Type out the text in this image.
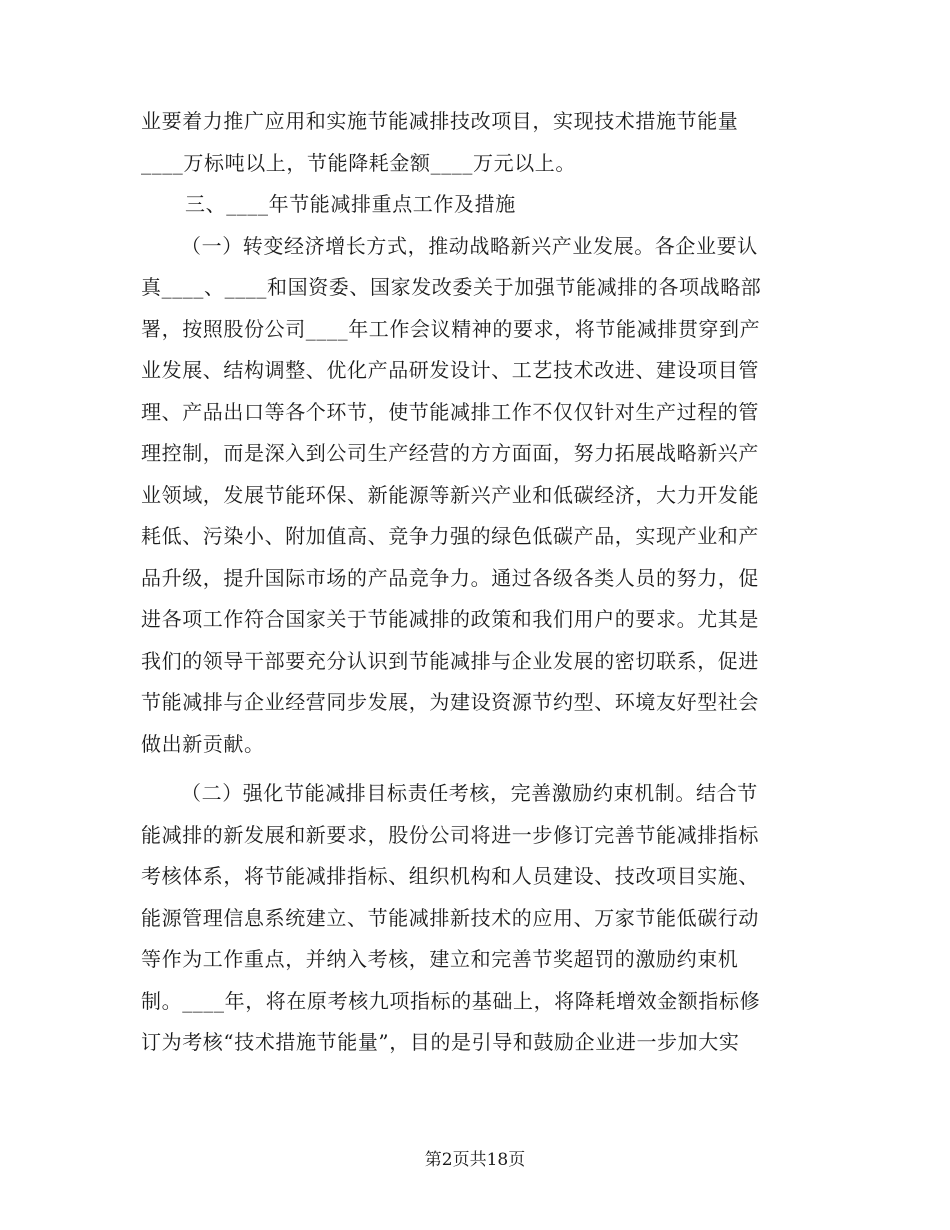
业要着力推广应用和实施节能减排技改项目，实现技术措施节能量
____万标吨以上，节能降耗金额____万元以上。
三、____年节能减排重点工作及措施
（一）转变经济增长方式，推动战略新兴产业发展。各企业要认
真____、____和国资委、国家发改委关于加强节能减排的各项战略部
署，按照股份公司____年工作会议精神的要求，将节能减排贯穿到产
业发展、结构调整、优化产品研发设计、工艺技术改进、建设项目管
理、产品出口等各个环节，使节能减排工作不仅仅针对生产过程的管
理控制，而是深入到公司生产经营的方方面面，努力拓展战略新兴产
业领域，发展节能环保、新能源等新兴产业和低碳经济，大力开发能
耗低、污染小、附加值高、竞争力强的绿色低碳产品，实现产业和产
品升级，提升国际市场的产品竞争力。通过各级各类人员的努力，促
进各项工作符合国家关于节能减排的政策和我们用户的要求。尤其是
我们的领导干部要充分认识到节能减排与企业发展的密切联系，促进
节能减排与企业经营同步发展，为建设资源节约型、环境友好型社会
做出新贡献。
（二）强化节能减排目标责任考核，完善激励约束机制。结合节
能减排的新发展和新要求，股份公司将进一步修订完善节能减排指标
考核体系，将节能减排指标、组织机构和人员建设、技改项目实施、
能源管理信息系统建立、节能减排新技术的应用、万家节能低碳行动
等作为工作重点，并纳入考核，建立和完善节奖超罚的激励约束机
制。____年，将在原考核九项指标的基础上，将降耗增效金额指标修
订为考核“技术措施节能量”，目的是引导和鼓励企业进一步加大实
第2页共18页
